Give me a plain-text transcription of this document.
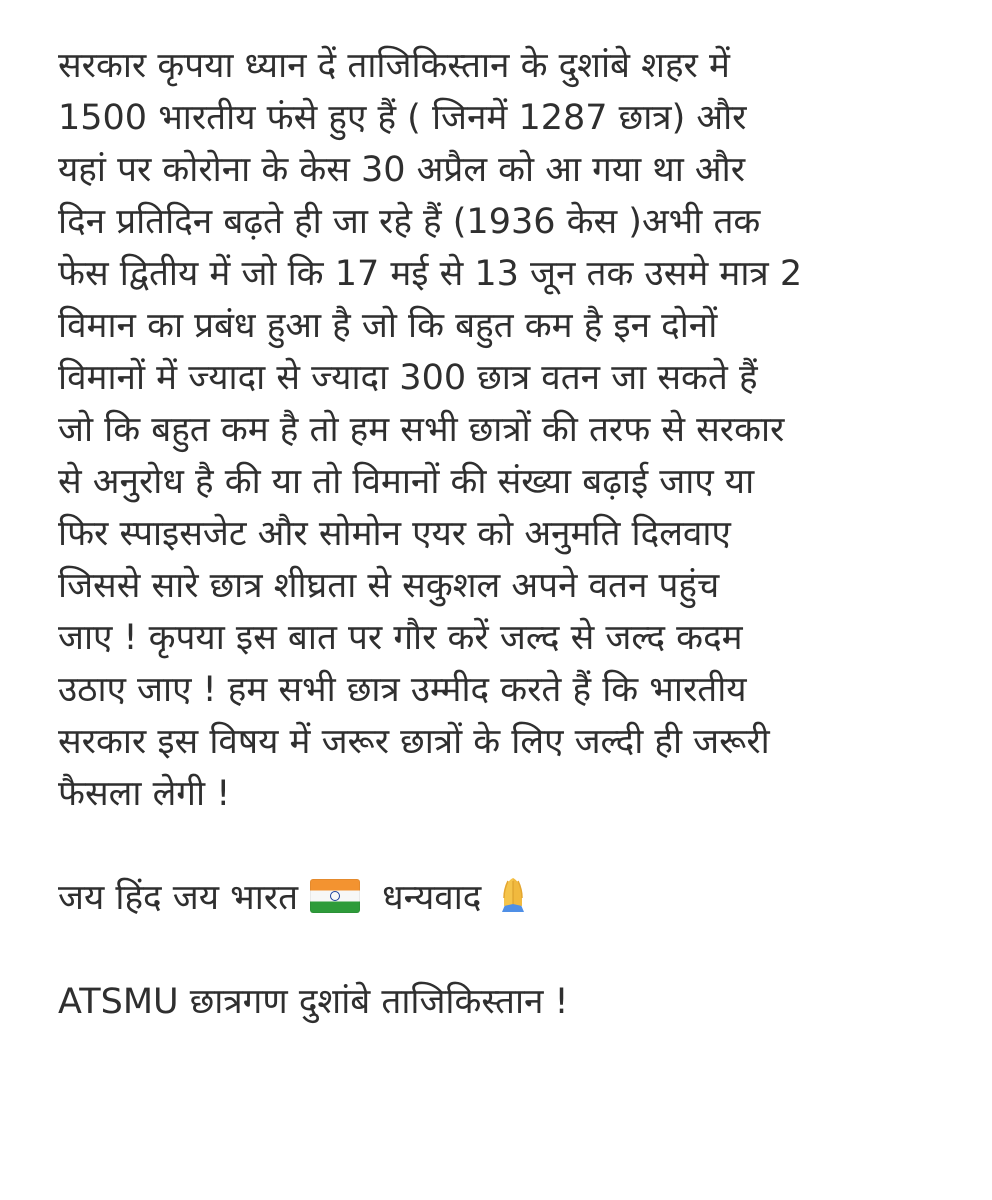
सरकार कृपया ध्यान दें ताजिकिस्तान के दुशांबे शहर में
1500 भारतीय फंसे हुए हैं ( जिनमें 1287 छात्र) और
यहां पर कोरोना के केस 30 अप्रैल को आ गया था और
दिन प्रतिदिन बढ़ते ही जा रहे हैं (1936 केस )अभी तक
फेस द्वितीय में जो कि 17 मई से 13 जून तक उसमे मात्र 2
विमान का प्रबंध हुआ है जो कि बहुत कम है इन दोनों
विमानों में ज्यादा से ज्यादा 300 छात्र वतन जा सकते हैं
जो कि बहुत कम है तो हम सभी छात्रों की तरफ से सरकार
से अनुरोध है की या तो विमानों की संख्या बढ़ाई जाए या
फिर स्पाइसजेट और सोमोन एयर को अनुमति दिलवाए
जिससे सारे छात्र शीघ्रता से सकुशल अपने वतन पहुंच
जाए ! कृपया इस बात पर गौर करें जल्द से जल्द कदम
उठाए जाए ! हम सभी छात्र उम्मीद करते हैं कि भारतीय
सरकार इस विषय में जरूर छात्रों के लिए जल्दी ही जरूरी
फैसला लेगी !
जय हिंद जय भारत धन्यवाद
ATSMU छात्रगण दुशांबे ताजिकिस्तान !
